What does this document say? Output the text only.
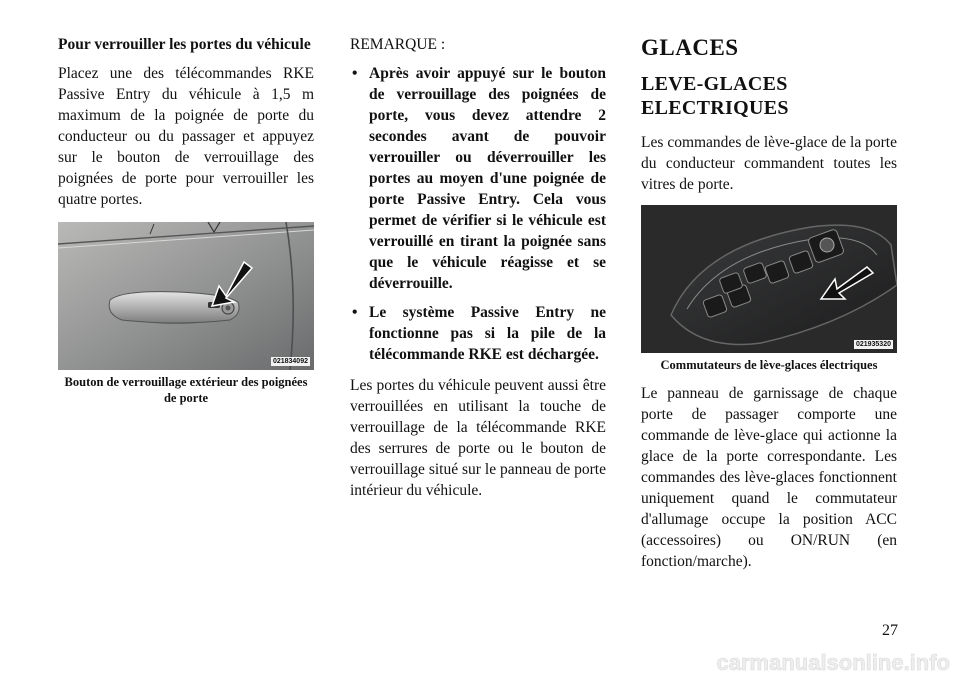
Pour verrouiller les portes du véhicule

Placez une des télécommandes RKE Passive Entry du véhicule à 1,5 m maximum de la poignée de porte du conducteur ou du passager et appuyez sur le bouton de verrouillage des poignées de porte pour verrouiller les quatre portes.

021834092

Bouton de verrouillage extérieur des poignées de porte

REMARQUE :

• Après avoir appuyé sur le bouton de verrouillage des poignées de porte, vous devez attendre 2 secondes avant de pouvoir verrouiller ou déverrouiller les portes au moyen d'une poignée de porte Passive Entry. Cela vous permet de vérifier si le véhicule est verrouillé en tirant la poignée sans que le véhicule réagisse et se déverrouille.
• Le système Passive Entry ne fonctionne pas si la pile de la télécommande RKE est déchargée.

Les portes du véhicule peuvent aussi être verrouillées en utilisant la touche de verrouillage de la télécommande RKE des serrures de porte ou le bouton de verrouillage situé sur le panneau de porte intérieur du véhicule.

GLACES
LEVE-GLACES ELECTRIQUES

Les commandes de lève-glace de la porte du conducteur commandent toutes les vitres de porte.

021935320

Commutateurs de lève-glaces électriques

Le panneau de garnissage de chaque porte de passager comporte une commande de lève-glace qui actionne la glace de la porte correspondante. Les commandes des lève-glaces fonctionnent uniquement quand le commutateur d'allumage occupe la position ACC (accessoires) ou ON/RUN (en fonction/marche).

27
carmanualsonline.info
